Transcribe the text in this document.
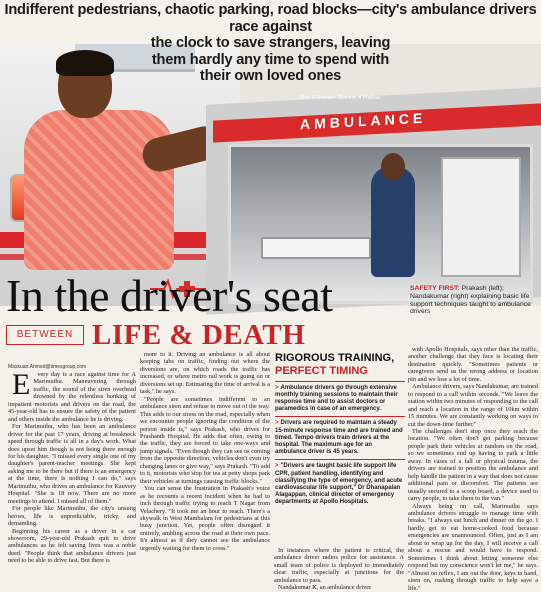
Indifferent pedestrians, chaotic parking, road blocks—city's ambulance drivers race against
the clock to save strangers, leaving
them hardly any time to spend with
their own loved ones
AMBULANCE
Pics: R Ramesh Shankar, A Prathap
In the driver's seat
BETWEEN LIFE & DEATH
SAFETY FIRST: Prakash (left); Nandakumar (right) explaining basic life support techniques taught to ambulance drivers
Maskuan.Ahmed@timesgroup.com

E very day is a race against time for A Marimuthu. Maneuvering through traffic, the sound of the siren overhead drowned by the relentless honking of impatient motorists and drivers on the road, the 45-year-old has to ensure the safety of the patient and others inside the ambulance he is driving.

For Marimuthu, who has been an ambulance driver for the past 17 years, driving at breakneck speed through traffic is all in a day's work. What does upset him though is not being there enough for his daughter. "I missed every single one of my daughter's parent-teacher meetings. She kept asking me to be there but if there is an emergency at the time, there is nothing I can do," says Marimuthu, who drives an ambulance for Kauvery Hospital. "She is 18 now. There are no more meetings to attend. I missed all of them."

For people like Marimuthu, the city's unsung heroes, life is unpredictable, tricky, and demanding.

Beginning his career as a driver in a car showroom, 29-year-old Prakash quit to drive ambulances as he felt saving lives was a noble deed. "People think that ambulance drivers just need to be able to drive fast. But there is

more to it. Driving an ambulance is all about keeping tabs on traffic, finding out where the diversions are, on which roads the traffic has increased, or where metro rail work is going on or diversions set up. Estimating the time of arrival is a task," he says.

"People are sometimes indifferent to an ambulance siren and refuse to move out of the way. This adds to our stress on the road, especially when we encounter people ignoring the condition of the person inside is," says Prakash, who drives for Prashanth Hospital. He adds that often, owing to the traffic, they are forced to take one-ways and jump signals. "Even though they can see us coming from the opposite direction, vehicles don't even try changing lanes or give way," says Prakash. "To add to it, motorists who stop for tea at petty shops park their vehicles at turnings causing traffic blocks."

You can sense the frustration in Prakash's voice as he recounts a recent incident when he had to inch through traffic trying to reach T Nagar from Velachery. "It took me an hour to reach. There's a skywalk in West Mambalam for pedestrians at this busy junction. Yet, people often disregard it entirely, ambling across the road at their own pace. It's almost as if they cannot see the ambulance urgently waiting for them to cross."

RIGOROUS TRAINING,
PERFECT TIMING
> Ambulance drivers go through extensive monthly training sessions to maintain their response time and to assist doctors or paramedics in case of an emergency.
> Drivers are required to maintain a steady 15-minute response time and are trained and timed. Tempo drivers train drivers at the hospital. The maximum age for an ambulance driver is 45 years.
> "Drivers are taught basic life support life CPR, patient handling, identifying and classifying the type of emergency, and acute cardiovascular life support," Dr Dhanapalan Alagappan, clinical director of emergency departments at Apollo Hospitals.

In instances where the patient is critical, the ambulance driver radios police for assistance. A small team of police is deployed to immediately clear traffic, especially at junctions for the ambulance to pass.

Nandakumar K, an ambulance driver

with Apollo Hospitals, says other than the traffic, another challenge that they face is locating their destination quickly. "Sometimes patients or caregivers send us the wrong address or location pin and we lose a lot of time.

Ambulance drivers, says Nandakumar, are trained to respond to a call within seconds. "We leave the station within two minutes of responding to the call and reach a location in the range of 10km within 15 minutes. We are constantly working on ways to cut the down-time further."

The challenges don't stop once they reach the location. "We often don't get parking because people park their vehicles at random on the road, so we sometimes end up having to park a little away. In cases of a fall or physical trauma, the drivers are trained to position the ambulance and help handle the patient in a way that does not cause additional pain or discomfort. The patients are usually secured to a scoop board, a device used to carry people, to take them to the van."

Always being on call, Marimuthu says ambulance drivers struggle to manage time with breaks. "I always eat lunch and dinner on the go. I hardly get to eat home-cooked food because emergencies are unannounced. Often, just as I am about to wrap up for the day, I will receive a call about a rescue and would have to respond. Sometimes I think about letting someone else respond but my conscience won't let me," he says. "Almost on reflex, I am out the door, keys in hand, siren on, rushing through traffic to help save a life."
